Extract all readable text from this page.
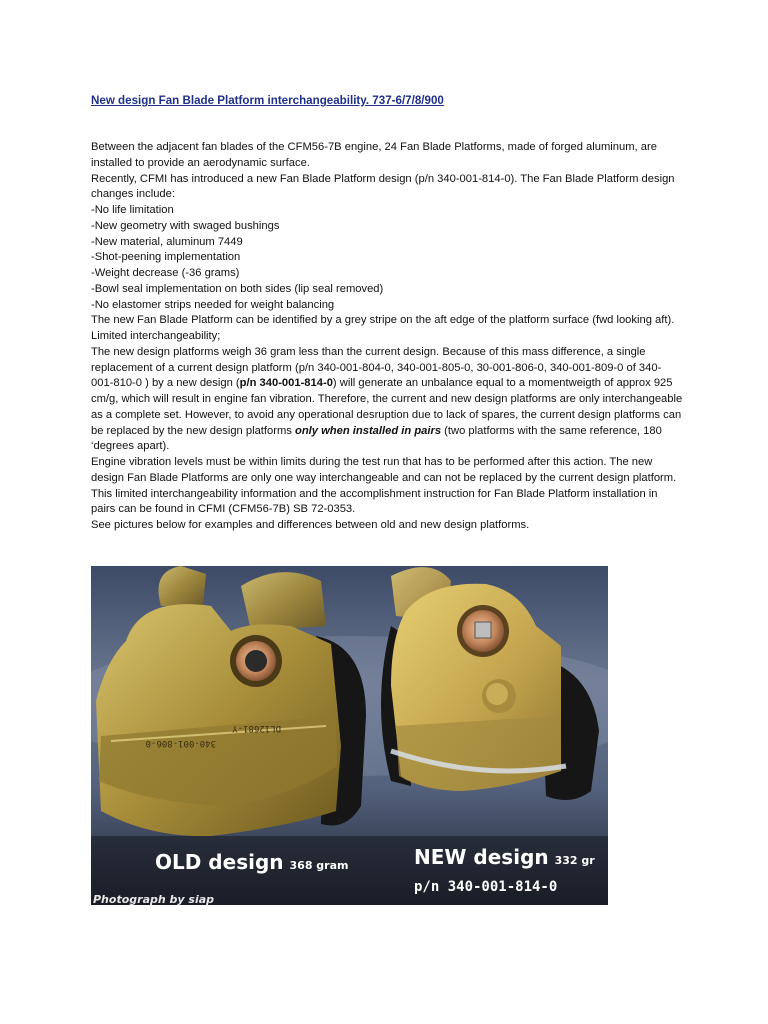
New design Fan Blade Platform interchangeability. 737-6/7/8/900

Between the adjacent fan blades of the CFM56-7B engine, 24 Fan Blade Platforms, made of forged aluminum, are installed to provide an aerodynamic surface.

Recently, CFMI has introduced a new Fan Blade Platform design (p/n 340-001-814-0). The Fan Blade Platform design changes include:

-No life limitation

-New geometry with swaged bushings

-New material, aluminum 7449

-Shot-peening implementation

-Weight decrease (-36 grams)

-Bowl seal implementation on both sides (lip seal removed)

-No elastomer strips needed for weight balancing

The new Fan Blade Platform can be identified by a grey stripe on the aft edge of the platform surface (fwd looking aft).

Limited interchangeability;

The new design platforms weigh 36 gram less than the current design. Because of this mass difference, a single replacement of a current design platform (p/n 340-001-804-0, 340-001-805-0, 30-001-806-0, 340-001-809-0 of 340-001-810-0 ) by a new design (p/n 340-001-814-0) will generate an unbalance equal to a momentweigth of approx 925 cm/g, which will result in engine fan vibration. Therefore, the current and new design platforms are only interchangeable as a complete set. However, to avoid any operational desruption due to lack of spares, the current design platforms can be replaced by the new design platforms only when installed in pairs (two platforms with the same reference, 180 ‘degrees apart).

Engine vibration levels must be within limits during the test run that has to be performed after this action. The new design Fan Blade Platforms are only one way interchangeable and can not be replaced by the current design platform.

This limited interchangeability information and the accomplishment instruction for Fan Blade Platform installation in pairs can be found in CFMI (CFM56-7B) SB 72-0353.

See pictures below for examples and differences between old and new design platforms.

340-001-806-0
DL12681-Y
OLD design 368 gram	NEW design 332 gr
p/n 340-001-814-0
Photograph by siap
